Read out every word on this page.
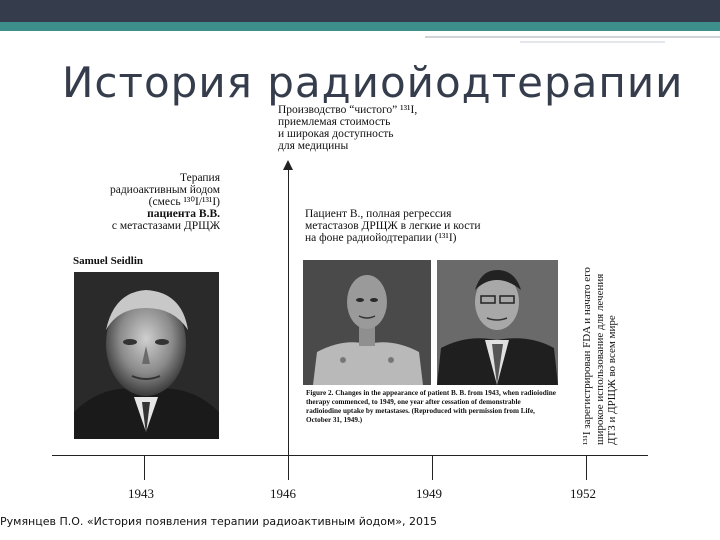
40
История радиойодтерапии
Производство “чистого” ¹³¹I,
приемлемая стоимость
и широкая доступность
для медицины
Терапия
радиоактивным йодом
(смесь ¹³⁰I/¹³¹I)
пациента В.В.
с метастазами ДРЩЖ
Samuel Seidlin
Пациент В., полная регрессия
метастазов ДРЩЖ в легкие и кости
на фоне радиойодтерапии (¹³¹I)
Figure 2. Changes in the appearance of patient B. B. from 1943, when radioiodine therapy commenced, to 1949, one year after cessation of demonstrable radioiodine uptake by metastases. (Reproduced with permission from Life, October 31, 1949.)	¹³¹I зарегистрирован FDA и начато его широкое использование для лечения ДТЗ и ДРЩЖ во всем мире
1943	1946	1949	1952
Румянцев П.О. «История появления терапии радиоактивным йодом», 2015
